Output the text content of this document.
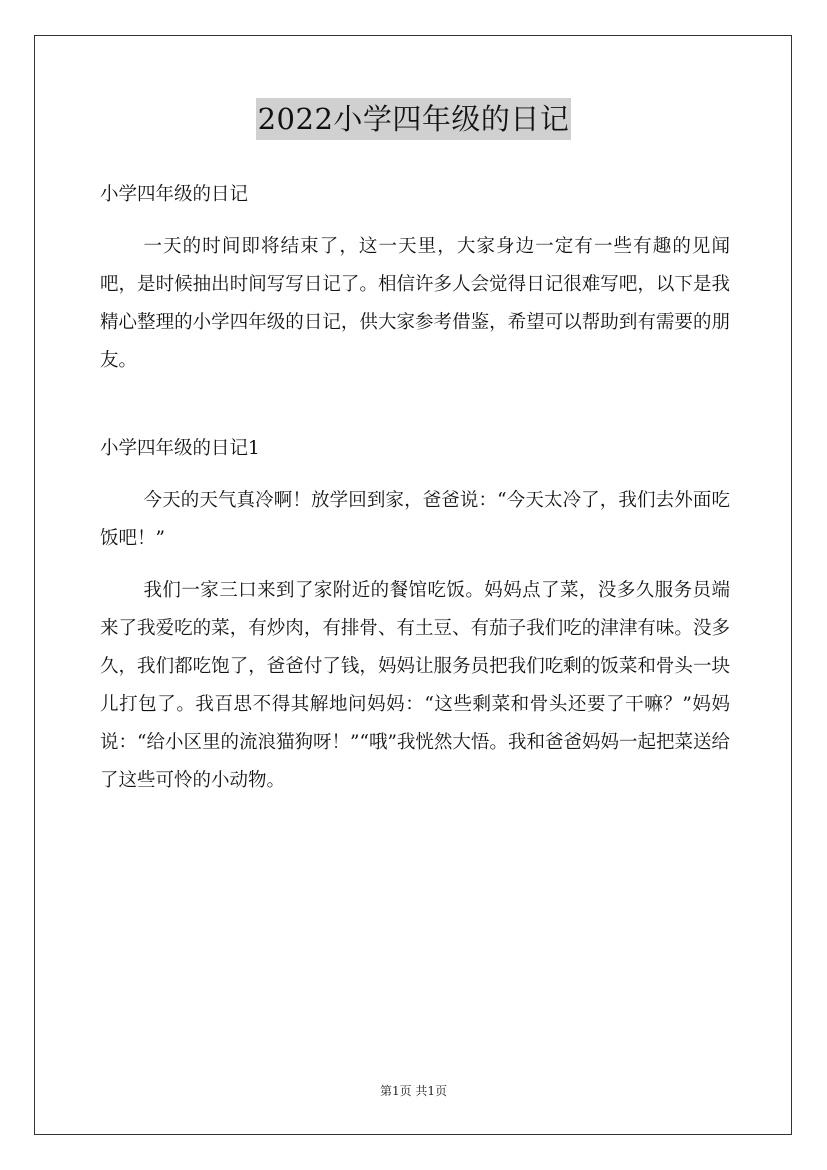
2022小学四年级的日记

小学四年级的日记

一天的时间即将结束了，这一天里，大家身边一定有一些有趣的见闻吧，是时候抽出时间写写日记了。相信许多人会觉得日记很难写吧，以下是我精心整理的小学四年级的日记，供大家参考借鉴，希望可以帮助到有需要的朋友。

小学四年级的日记1

今天的天气真冷啊！放学回到家，爸爸说：“今天太冷了，我们去外面吃饭吧！”

我们一家三口来到了家附近的餐馆吃饭。妈妈点了菜，没多久服务员端来了我爱吃的菜，有炒肉，有排骨、有土豆、有茄子我们吃的津津有味。没多久，我们都吃饱了，爸爸付了钱，妈妈让服务员把我们吃剩的饭菜和骨头一块儿打包了。我百思不得其解地问妈妈：“这些剩菜和骨头还要了干嘛？”妈妈说：“给小区里的流浪猫狗呀！”“哦”我恍然大悟。我和爸爸妈妈一起把菜送给了这些可怜的小动物。

第1页 共1页
